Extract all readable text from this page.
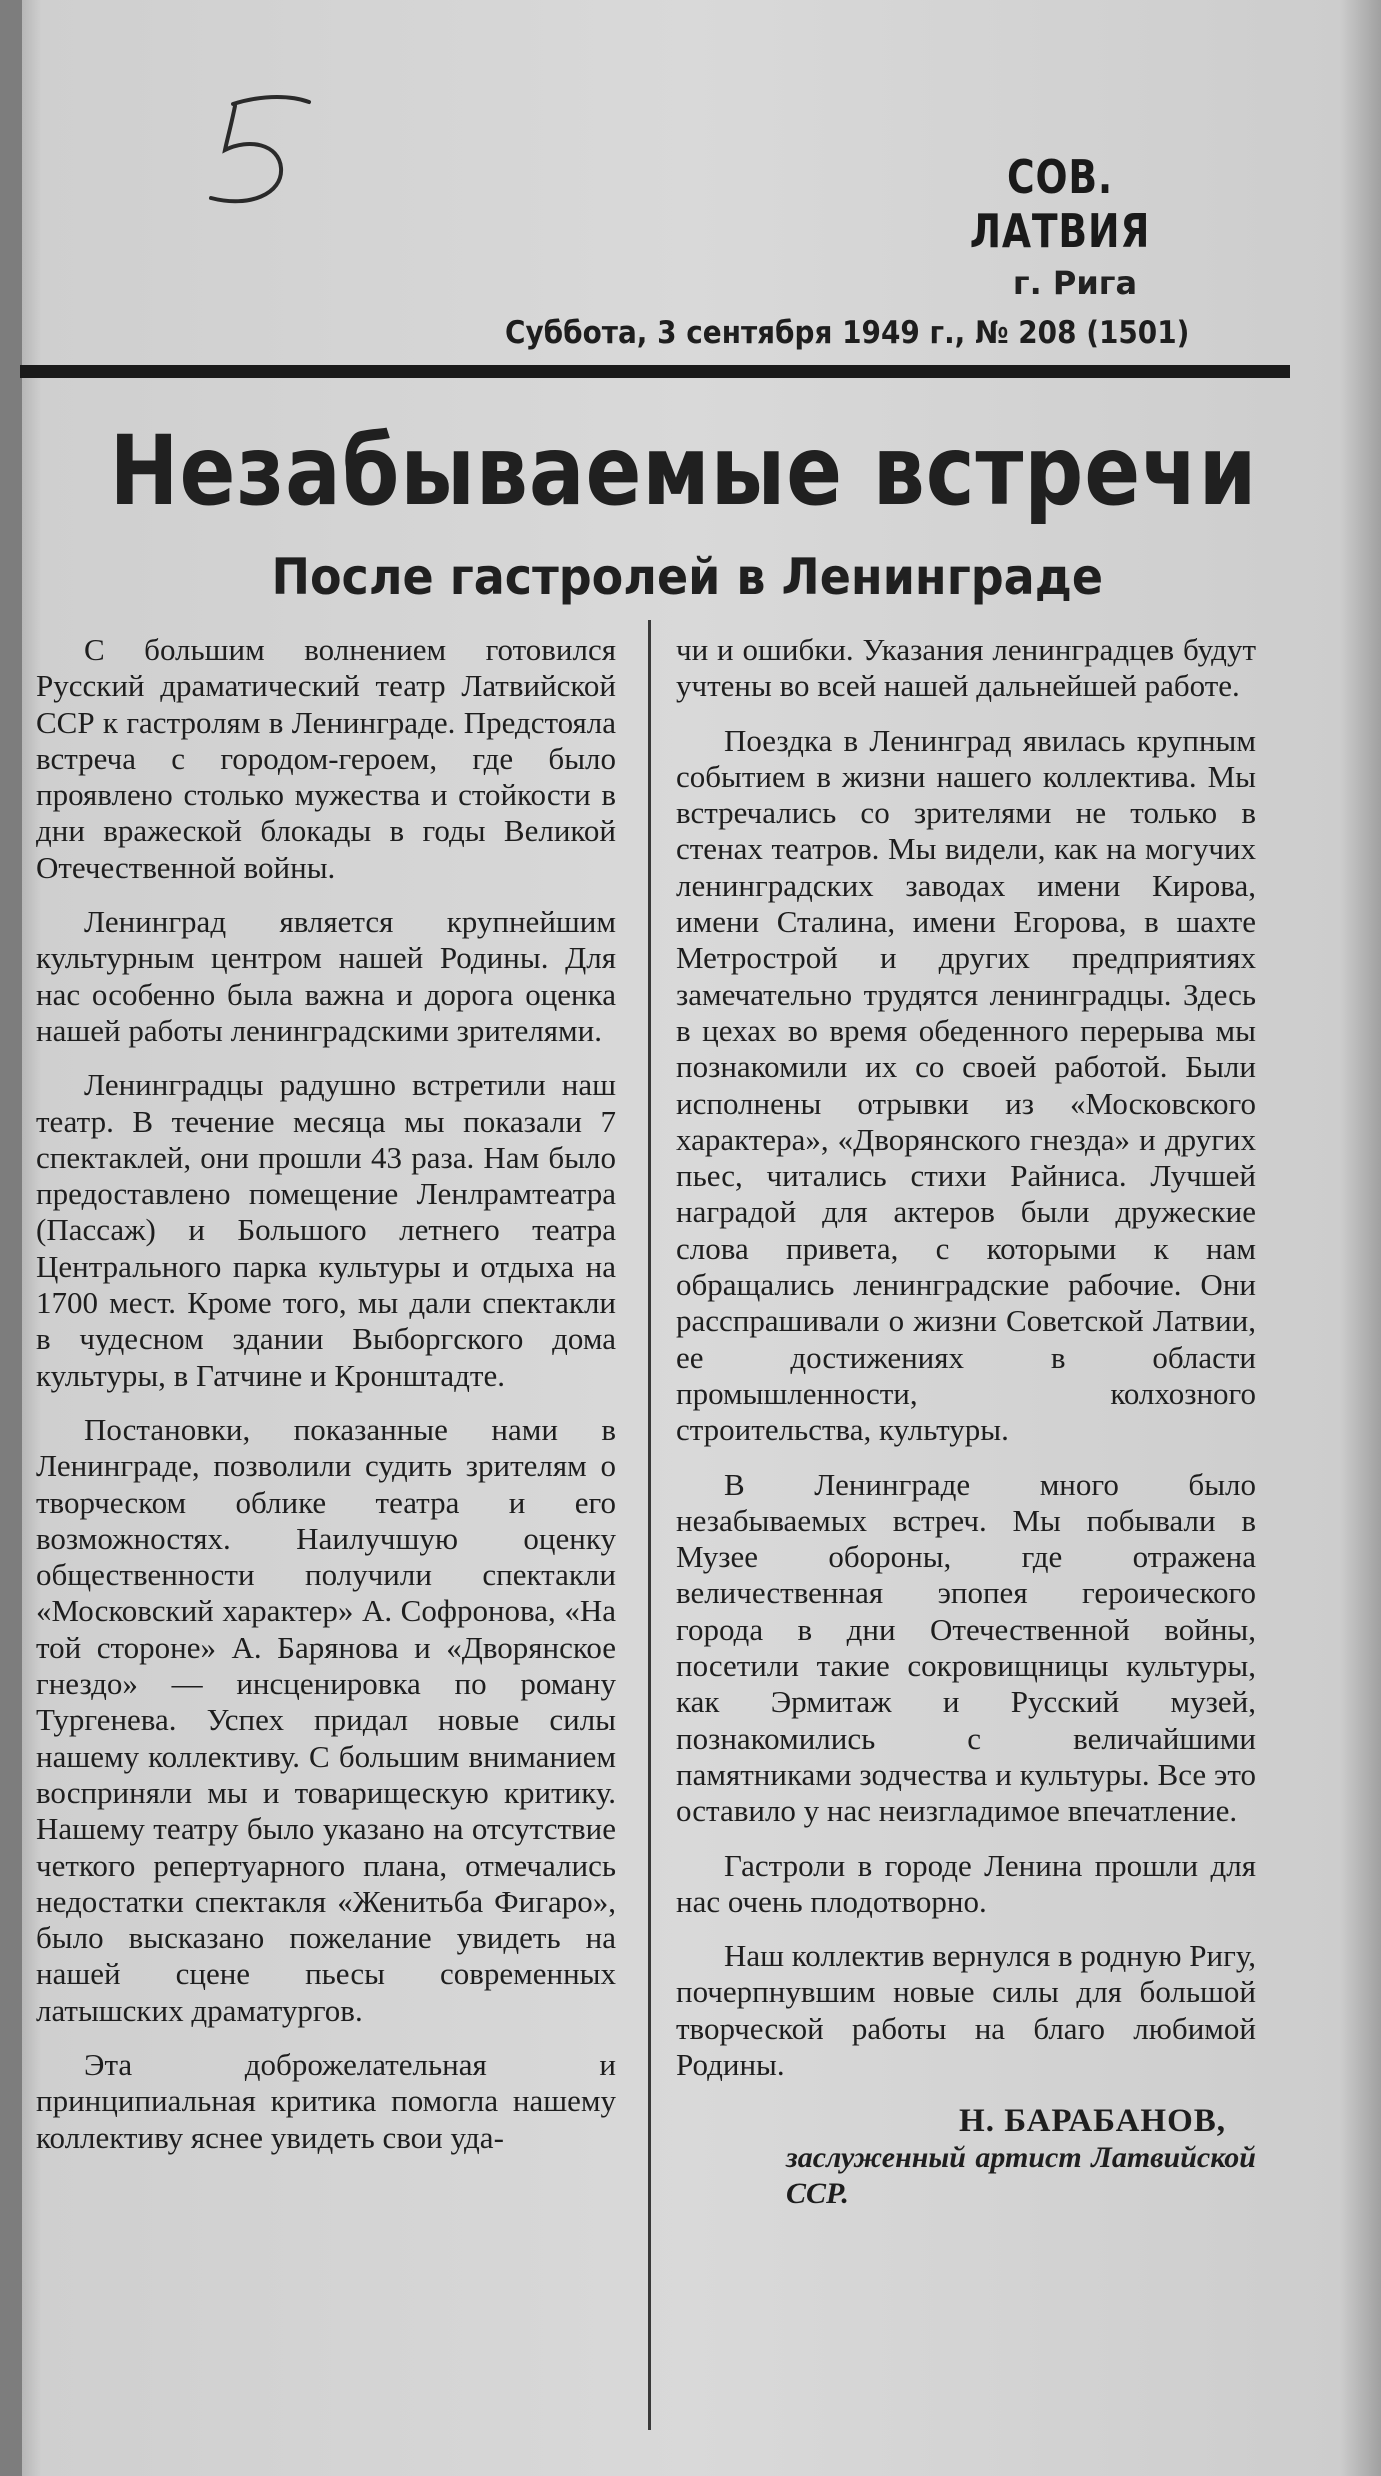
СОВ. ЛАТВИЯ
г. Рига
Суббота, 3 сентября 1949 г., № 208 (1501)
Незабываемые встречи
После гастролей в Ленинграде

С большим волнением готовился Русский драматический театр Латвийской ССР к гастролям в Ленинграде. Предстояла встреча с городом-героем, где было проявлено столько мужества и стойкости в дни вражеской блокады в годы Великой Отечественной войны.

Ленинград является крупнейшим культурным центром нашей Родины. Для нас особенно была важна и дорога оценка нашей работы ленинградскими зрителями.

Ленинградцы радушно встретили наш театр. В течение месяца мы показали 7 спектаклей, они прошли 43 раза. Нам было предоставлено помещение Ленлрамтеатра (Пассаж) и Большого летнего театра Центрального парка культуры и отдыха на 1700 мест. Кроме того, мы дали спектакли в чудесном здании Выборгского дома культуры, в Гатчине и Кронштадте.

Постановки, показанные нами в Ленинграде, позволили судить зрителям о творческом облике театра и его возможностях. Наилучшую оценку общественности получили спектакли «Московский характер» А. Софронова, «На той стороне» А. Барянова и «Дворянское гнездо» — инсценировка по роману Тургенева. Успех придал новые силы нашему коллективу. С большим вниманием восприняли мы и товарищескую критику. Нашему театру было указано на отсутствие четкого репертуарного плана, отмечались недостатки спектакля «Женитьба Фигаро», было высказано пожелание увидеть на нашей сцене пьесы современных латышских драматургов.

Эта доброжелательная и принципиальная критика помогла нашему коллективу яснее увидеть свои уда-

чи и ошибки. Указания ленинградцев будут учтены во всей нашей дальнейшей работе.

Поездка в Ленинград явилась крупным событием в жизни нашего коллектива. Мы встречались со зрителями не только в стенах театров. Мы видели, как на могучих ленинградских заводах имени Кирова, имени Сталина, имени Егорова, в шахте Метрострой и других предприятиях замечательно трудятся ленинградцы. Здесь в цехах во время обеденного перерыва мы познакомили их со своей работой. Были исполнены отрывки из «Московского характера», «Дворянского гнезда» и других пьес, читались стихи Райниса. Лучшей наградой для актеров были дружеские слова привета, с которыми к нам обращались ленинградские рабочие. Они расспрашивали о жизни Советской Латвии, ее достижениях в области промышленности, колхозного строительства, культуры.

В Ленинграде много было незабываемых встреч. Мы побывали в Музее обороны, где отражена величественная эпопея героического города в дни Отечественной войны, посетили такие сокровищницы культуры, как Эрмитаж и Русский музей, познакомились с величайшими памятниками зодчества и культуры. Все это оставило у нас неизгладимое впечатление.

Гастроли в городе Ленина прошли для нас очень плодотворно.

Наш коллектив вернулся в родную Ригу, почерпнувшим новые силы для большой творческой работы на благо любимой Родины.

Н. БАРАБАНОВ,
заслуженный артист Латвийской ССР.
